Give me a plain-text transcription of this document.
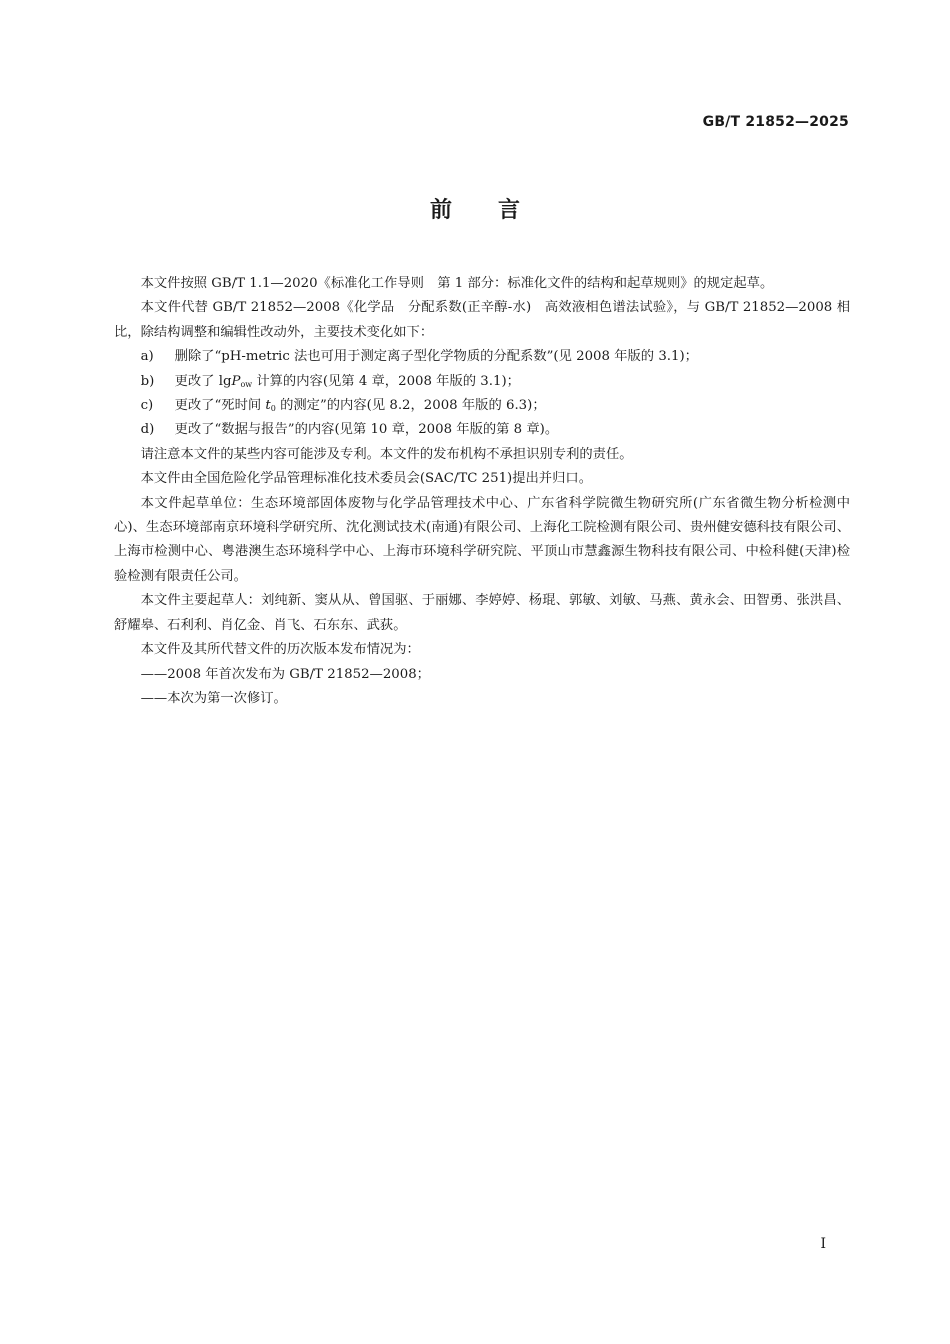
GB/T 21852—2025
前言

本文件按照 GB/T 1.1—2020《标准化工作导则　第 1 部分：标准化文件的结构和起草规则》的规定起草。

本文件代替 GB/T 21852—2008《化学品　分配系数(正辛醇-水)　高效液相色谱法试验》，与 GB/T 21852—2008 相比，除结构调整和编辑性改动外，主要技术变化如下：

a) 删除了“pH-metric 法也可用于测定离子型化学物质的分配系数”(见 2008 年版的 3.1)；

b) 更改了 lgP$_{ow}$ 计算的内容(见第 4 章，2008 年版的 3.1)；

c) 更改了“死时间 $t_0$ 的测定”的内容(见 8.2，2008 年版的 6.3)；

d) 更改了“数据与报告”的内容(见第 10 章，2008 年版的第 8 章)。

请注意本文件的某些内容可能涉及专利。本文件的发布机构不承担识别专利的责任。

本文件由全国危险化学品管理标准化技术委员会(SAC/TC 251)提出并归口。

本文件起草单位：生态环境部固体废物与化学品管理技术中心、广东省科学院微生物研究所(广东省微生物分析检测中心)、生态环境部南京环境科学研究所、沈化测试技术(南通)有限公司、上海化工院检测有限公司、贵州健安德科技有限公司、上海市检测中心、粤港澳生态环境科学中心、上海市环境科学研究院、平顶山市慧鑫源生物科技有限公司、中检科健(天津)检验检测有限责任公司。

本文件主要起草人：刘纯新、窦从从、曾国驱、于丽娜、李婷婷、杨琨、郭敏、刘敏、马燕、黄永会、田智勇、张洪昌、舒耀皋、石利利、肖亿金、肖飞、石东东、武荻。

本文件及其所代替文件的历次版本发布情况为：

——2008 年首次发布为 GB/T 21852—2008；

——本次为第一次修订。

I
